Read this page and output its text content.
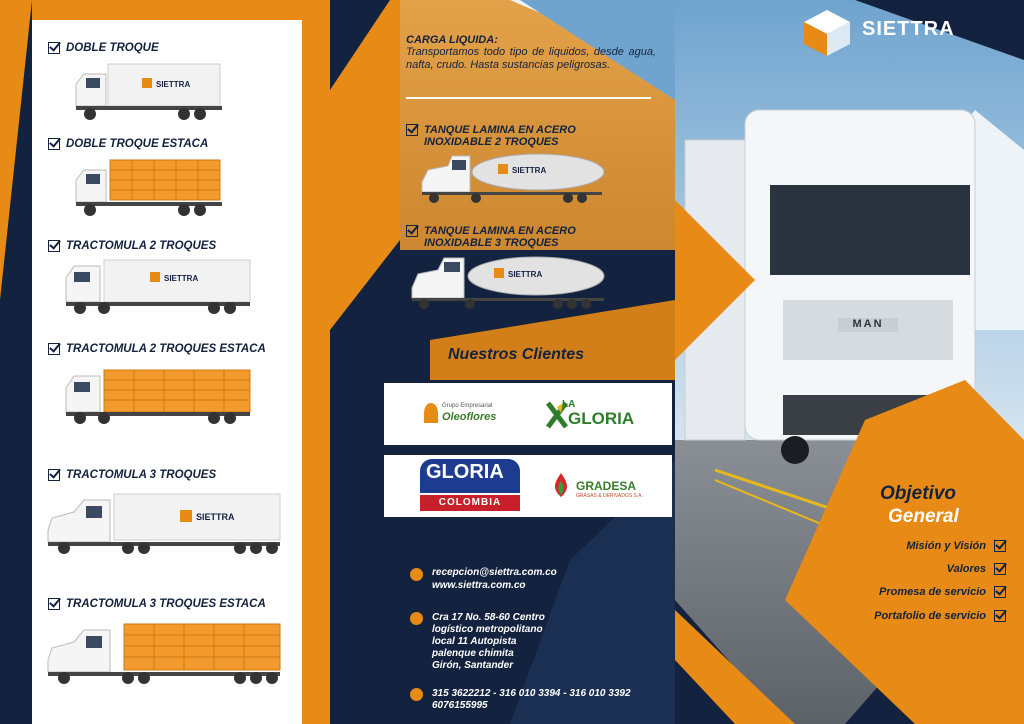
DOBLE TROQUE
SIETTRA
DOBLE TROQUE ESTACA
TRACTOMULA 2 TROQUES
SIETTRA
TRACTOMULA 2 TROQUES ESTACA
TRACTOMULA 3 TROQUES
SIETTRA
TRACTOMULA 3 TROQUES ESTACA
CARGA LIQUIDA:
Transportamos todo tipo de liquidos, desde agua, nafta, crudo. Hasta sustancias peligrosas.
TANQUE LAMINA EN ACERO
INOXIDABLE 2 TROQUES
SIETTRA
TANQUE LAMINA EN ACERO
INOXIDABLE 3 TROQUES
SIETTRA
Nuestros Clientes
Grupo Empresarial
Oleoflores
LA
GLORIA
GLORIA
COLOMBIA
GRADESA
GRASAS & DERIVADOS S.A.
recepcion@siettra.com.co
www.siettra.com.co
Cra 17 No. 58-60 Centro
logístico metropolitano
local 11 Autopista
palenque chimita
Girón, Santander
315 3622212 - 316 010 3394 - 316 010 3392
6076155995
SIETTRA
MAN
Objetivo
General
Misión y Visión
Valores
Promesa de servicio
Portafolio de servicio
